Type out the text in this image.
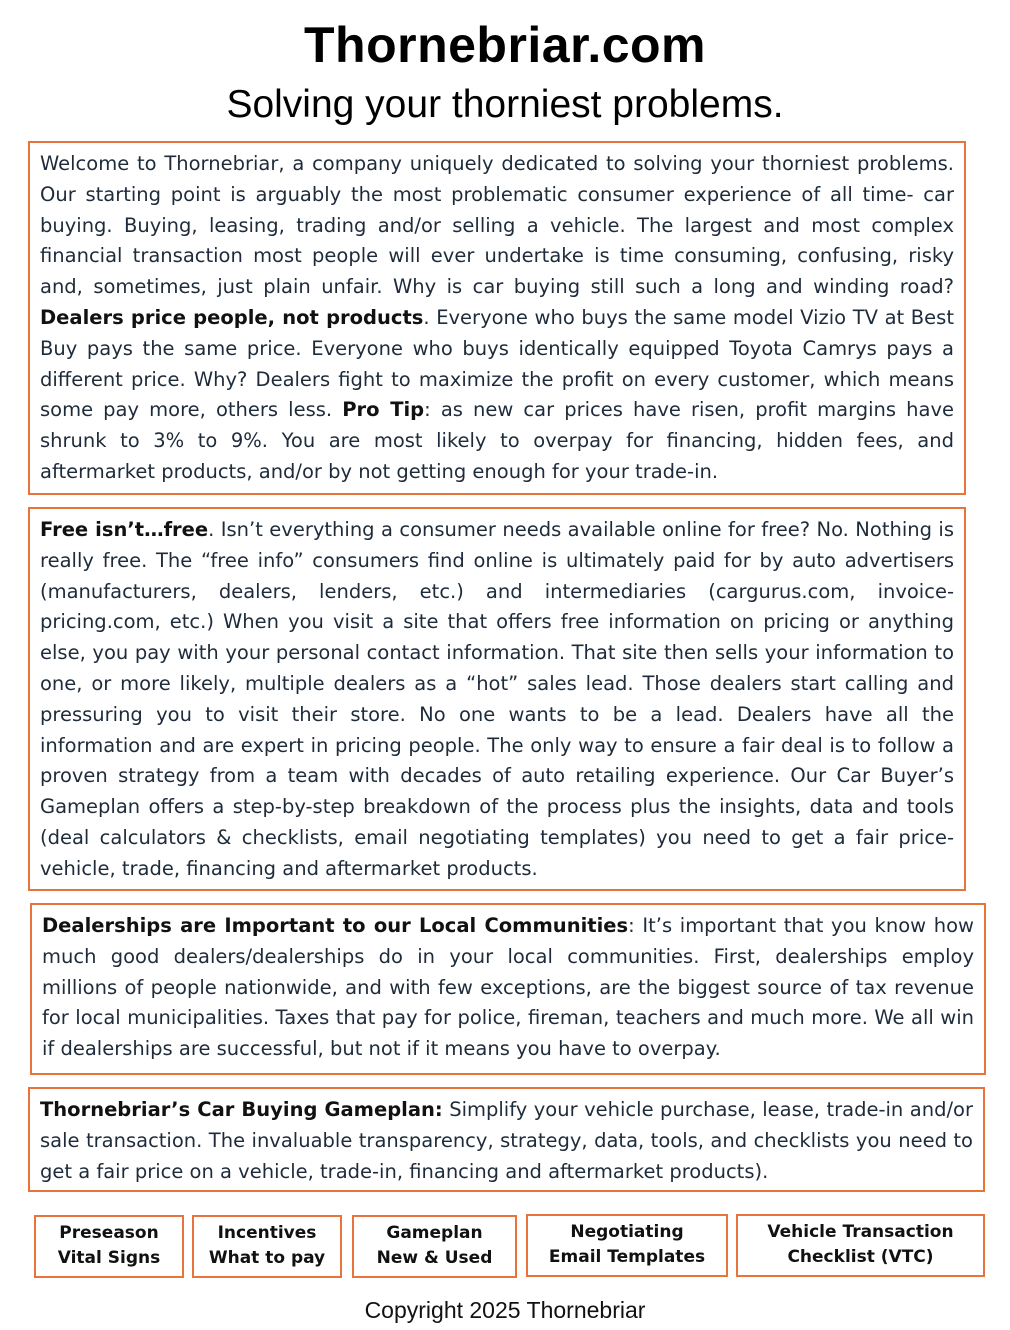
Thornebriar.com
Solving your thorniest problems.
Welcome to Thornebriar, a company uniquely dedicated to solving your thorniest problems. Our starting point is arguably the most problematic consumer experience of all time- car buying. Buying, leasing, trading and/or selling a vehicle. The largest and most complex financial transaction most people will ever undertake is time consuming, confusing, risky and, sometimes, just plain unfair. Why is car buying still such a long and winding road? Dealers price people, not products. Everyone who buys the same model Vizio TV at Best Buy pays the same price. Everyone who buys identically equipped Toyota Camrys pays a different price. Why? Dealers fight to maximize the profit on every customer, which means some pay more, others less. Pro Tip: as new car prices have risen, profit margins have shrunk to 3% to 9%. You are most likely to overpay for financing, hidden fees, and aftermarket products, and/or by not getting enough for your trade-in.
Free isn’t…free. Isn’t everything a consumer needs available online for free? No. Nothing is really free. The “free info” consumers find online is ultimately paid for by auto advertisers (manufacturers, dealers, lenders, etc.) and intermediaries (cargurus.com, invoice-pricing.com, etc.) When you visit a site that offers free information on pricing or anything else, you pay with your personal contact information. That site then sells your information to one, or more likely, multiple dealers as a “hot” sales lead. Those dealers start calling and pressuring you to visit their store. No one wants to be a lead. Dealers have all the information and are expert in pricing people. The only way to ensure a fair deal is to follow a proven strategy from a team with decades of auto retailing experience. Our Car Buyer’s Gameplan offers a step-by-step breakdown of the process plus the insights, data and tools (deal calculators & checklists, email negotiating templates) you need to get a fair price- vehicle, trade, financing and aftermarket products.
Dealerships are Important to our Local Communities: It’s important that you know how much good dealers/dealerships do in your local communities. First, dealerships employ millions of people nationwide, and with few exceptions, are the biggest source of tax revenue for local municipalities. Taxes that pay for police, fireman, teachers and much more. We all win if dealerships are successful, but not if it means you have to overpay.
Thornebriar’s Car Buying Gameplan: Simplify your vehicle purchase, lease, trade-in and/or sale transaction. The invaluable transparency, strategy, data, tools, and checklists you need to get a fair price on a vehicle, trade-in, financing and aftermarket products).
Preseason
Vital Signs
Incentives
What to pay
Gameplan
New & Used
Negotiating
Email Templates
Vehicle Transaction
Checklist (VTC)
Copyright 2025 Thornebriar
